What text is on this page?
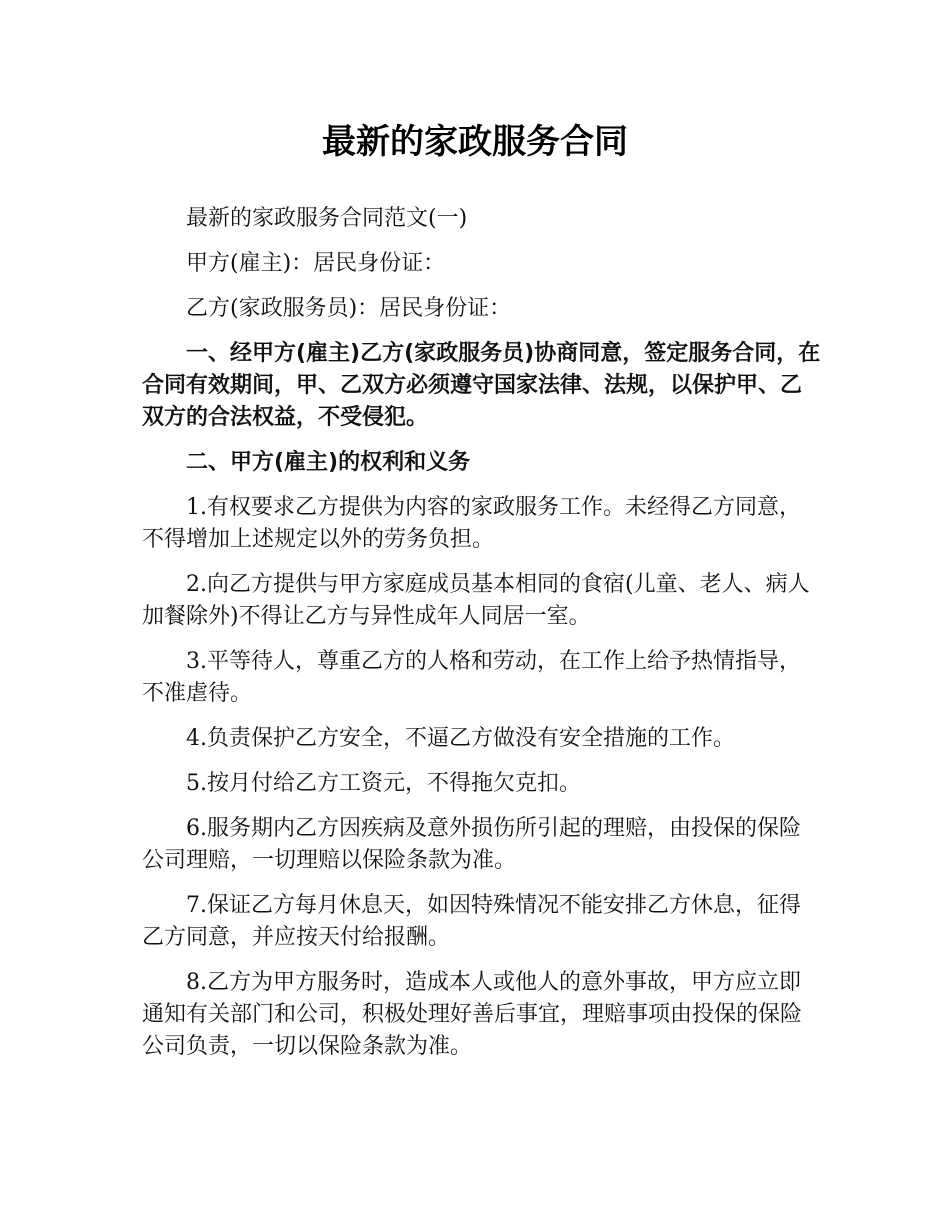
最新的家政服务合同

最新的家政服务合同范文(一)

甲方(雇主)：居民身份证：

乙方(家政服务员)：居民身份证：

一、经甲方(雇主)乙方(家政服务员)协商同意，签定服务合同，在合同有效期间，甲、乙双方必须遵守国家法律、法规，以保护甲、乙双方的合法权益，不受侵犯。

二、甲方(雇主)的权利和义务

1.有权要求乙方提供为内容的家政服务工作。未经得乙方同意，不得增加上述规定以外的劳务负担。

2.向乙方提供与甲方家庭成员基本相同的食宿(儿童、老人、病人加餐除外)不得让乙方与异性成年人同居一室。

3.平等待人，尊重乙方的人格和劳动，在工作上给予热情指导，不准虐待。

4.负责保护乙方安全，不逼乙方做没有安全措施的工作。

5.按月付给乙方工资元，不得拖欠克扣。

6.服务期内乙方因疾病及意外损伤所引起的理赔，由投保的保险公司理赔，一切理赔以保险条款为准。

7.保证乙方每月休息天，如因特殊情况不能安排乙方休息，征得乙方同意，并应按天付给报酬。

8.乙方为甲方服务时，造成本人或他人的意外事故，甲方应立即通知有关部门和公司，积极处理好善后事宜，理赔事项由投保的保险公司负责，一切以保险条款为准。
